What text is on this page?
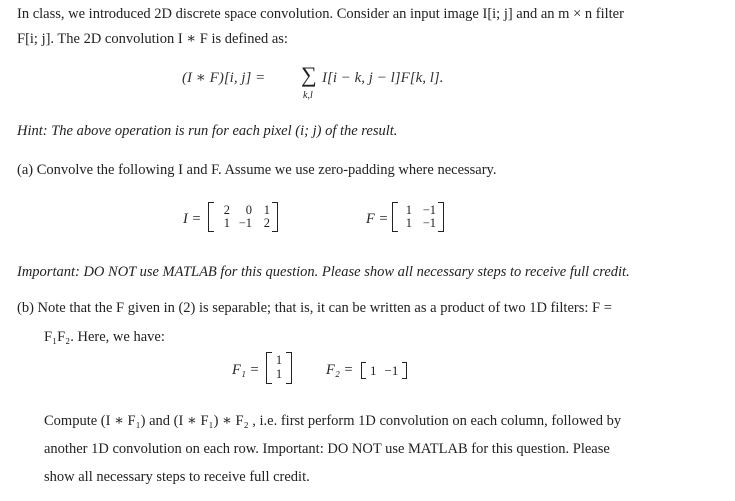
In class, we introduced 2D discrete space convolution. Consider an input image I[i; j] and an m × n filter
F[i; j]. The 2D convolution I ∗ F is defined as:
(I ∗ F)[i, j] = ∑
k,l
I[i − k, j − l]F[k, l].
Hint: The above operation is run for each pixel (i; j) of the result.
(a) Convolve the following I and F. Assume we use zero-padding where necessary.
I =
2	0 1
1 −1 2	F =
1 −1
1 −1
Important: DO NOT use MATLAB for this question. Please show all necessary steps to receive full credit.
(b) Note that the F given in (2) is separable; that is, it can be written as a product of two 1D filters: F =
F₁F₂. Here, we have:
F₁ =
1
1	F₂ =	1 −1
Compute (I ∗ F₁) and (I ∗ F₁) ∗ F₂ , i.e. first perform 1D convolution on each column, followed by
another 1D convolution on each row. Important: DO NOT use MATLAB for this question. Please
show all necessary steps to receive full credit.
